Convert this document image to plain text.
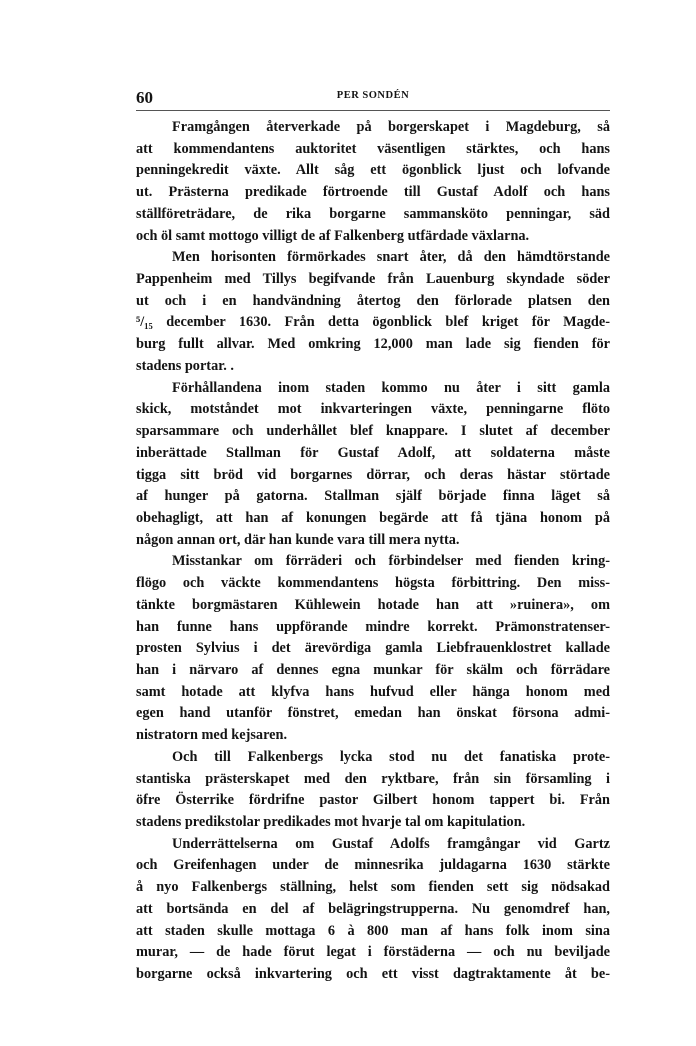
60	PER SONDÉN
Framgången återverkade på borgerskapet i Magdeburg, så
att kommendantens auktoritet väsentligen stärktes, och hans
penningekredit växte. Allt såg ett ögonblick ljust och lofvande
ut. Prästerna predikade förtroende till Gustaf Adolf och hans
ställföreträdare, de rika borgarne sammansköto penningar, säd
och öl samt mottogo villigt de af Falkenberg utfärdade växlarna.
Men horisonten förmörkades snart åter, då den hämdtörstande
Pappenheim med Tillys begifvande från Lauenburg skyndade söder
ut och i en handvändning återtog den förlorade platsen den
⁵/₁₅ december 1630. Från detta ögonblick blef kriget för Magde-
burg fullt allvar. Med omkring 12,000 man lade sig fienden för
stadens portar. .
Förhållandena inom staden kommo nu åter i sitt gamla
skick, motståndet mot inkvarteringen växte, penningarne flöto
sparsammare och underhållet blef knappare. I slutet af december
inberättade Stallman för Gustaf Adolf, att soldaterna måste
tigga sitt bröd vid borgarnes dörrar, och deras hästar störtade
af hunger på gatorna. Stallman själf började finna läget så
obehagligt, att han af konungen begärde att få tjäna honom på
någon annan ort, där han kunde vara till mera nytta.
Misstankar om förräderi och förbindelser med fienden kring-
flögo och väckte kommendantens högsta förbittring. Den miss-
tänkte borgmästaren Kühlewein hotade han att »ruinera», om
han funne hans uppförande mindre korrekt. Prämonstratenser-
prosten Sylvius i det ärevördiga gamla Liebfrauenklostret kallade
han i närvaro af dennes egna munkar för skälm och förrädare
samt hotade att klyfva hans hufvud eller hänga honom med
egen hand utanför fönstret, emedan han önskat försona admi-
nistratorn med kejsaren.
Och till Falkenbergs lycka stod nu det fanatiska prote-
stantiska prästerskapet med den ryktbare, från sin församling i
öfre Österrike fördrifne pastor Gilbert honom tappert bi. Från
stadens predikstolar predikades mot hvarje tal om kapitulation.
Underrättelserna om Gustaf Adolfs framgångar vid Gartz
och Greifenhagen under de minnesrika juldagarna 1630 stärkte
å nyo Falkenbergs ställning, helst som fienden sett sig nödsakad
att bortsända en del af belägringstrupperna. Nu genomdref han,
att staden skulle mottaga 6 à 800 man af hans folk inom sina
murar, — de hade förut legat i förstäderna — och nu beviljade
borgarne också inkvartering och ett visst dagtraktamente åt be-
